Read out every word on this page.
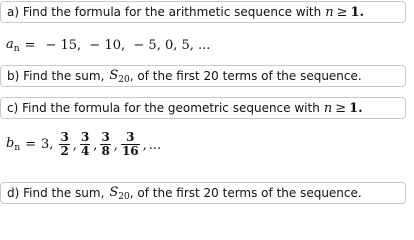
a) Find the formula for the arithmetic sequence with n ≥ 1.
$a_n$ = − 15,  − 10,  − 5, 0, 5, ...
b) Find the sum, $S_{20}$ , of the first 20 terms of the sequence.
c) Find the formula for the geometric sequence with n ≥ 1.
$b_n = 3$, $\frac{3}{2}$ , $\frac{3}{4}$ , $\frac{3}{8}$ , $\frac{3}{16}$ , ...
d) Find the sum, $S_{20}$ , of the first 20 terms of the sequence.
